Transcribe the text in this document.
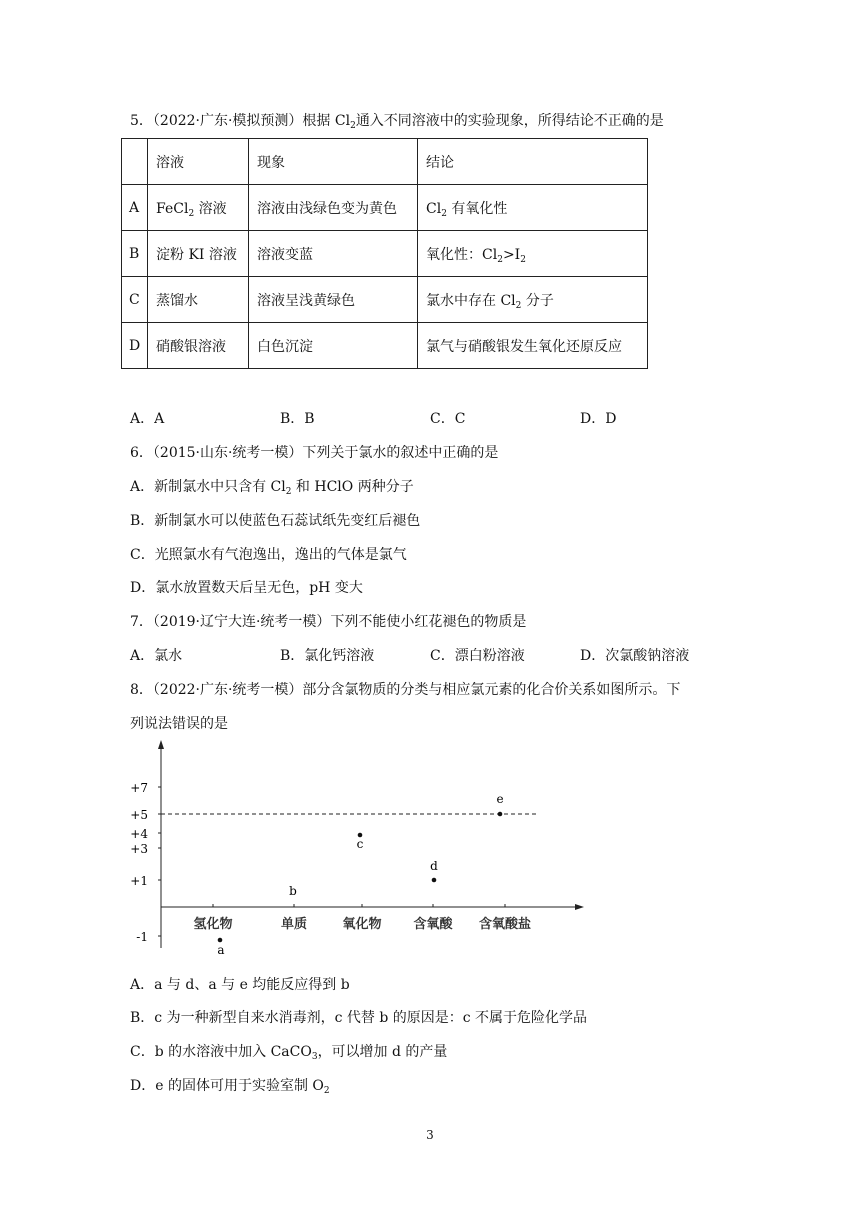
5．（2022·广东·模拟预测）根据 $Cl_2$通入不同溶液中的实验现象，所得结论不正确的是
	溶液	现象	结论
A	FeCl$_2$ 溶液	溶液由浅绿色变为黄色	$Cl_2$ 有氧化性
B	淀粉 KI 溶液	溶液变蓝	氧化性：$Cl_2>I_2$
C	蒸馏水	溶液呈浅黄绿色	氯水中存在 $Cl_2$ 分子
D	硝酸银溶液	白色沉淀	氯气与硝酸银发生氧化还原反应
A．A	B．B	C．C	D．D
6．（2015·山东·统考一模）下列关于氯水的叙述中正确的是
A．新制氯水中只含有 $Cl_2$ 和 HClO 两种分子
B．新制氯水可以使蓝色石蕊试纸先变红后褪色
C．光照氯水有气泡逸出，逸出的气体是氯气
D．氯水放置数天后呈无色，pH 变大
7．（2019·辽宁大连·统考一模）下列不能使小红花褪色的物质是
A．氯水	B．氯化钙溶液	C．漂白粉溶液	D．次氯酸钠溶液
8．（2022·广东·统考一模）部分含氯物质的分类与相应氯元素的化合价关系如图所示。下
列说法错误的是
+7
+5
+4
+3
+1
-1
氢化物	单质	氧化物 含氧酸 含氧酸盐
a
b
c
d
e
A．a 与 d、a 与 e 均能反应得到 b
B．c 为一种新型自来水消毒剂，c 代替 b 的原因是：c 不属于危险化学品
C．b 的水溶液中加入 CaCO$_3$，可以增加 d 的产量
D．e 的固体可用于实验室制 $O_2$
3
